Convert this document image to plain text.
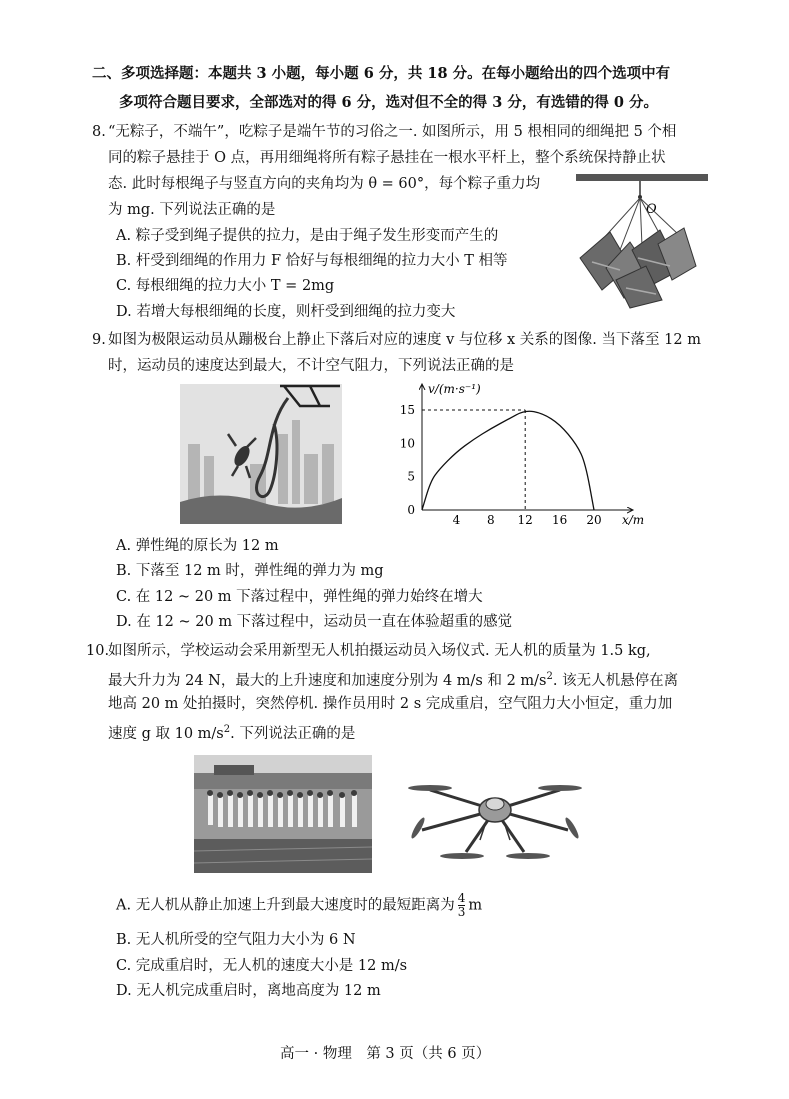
二、多项选择题：本题共 3 小题，每小题 6 分，共 18 分。在每小题给出的四个选项中有
多项符合题目要求，全部选对的得 6 分，选对但不全的得 3 分，有选错的得 0 分。
8. “无粽子，不端午”，吃粽子是端午节的习俗之一. 如图所示，用 5 根相同的细绳把 5 个相
同的粽子悬挂于 O 点，再用细绳将所有粽子悬挂在一根水平杆上，整个系统保持静止状
态. 此时每根绳子与竖直方向的夹角均为 θ = 60°，每个粽子重力均
为 mg. 下列说法正确的是
A. 粽子受到绳子提供的拉力，是由于绳子发生形变而产生的
B. 杆受到细绳的作用力 F 恰好与每根细绳的拉力大小 T 相等
C. 每根细绳的拉力大小 T = 2mg
D. 若增大每根细绳的长度，则杆受到细绳的拉力变大
O
9. 如图为极限运动员从蹦极台上静止下落后对应的速度 v 与位移 x 关系的图像. 当下落至 12 m
时，运动员的速度达到最大，不计空气阻力，下列说法正确的是
v/(m·s⁻¹)
x/m
4 8 12 16 20
0
5
10
15
A. 弹性绳的原长为 12 m
B. 下落至 12 m 时，弹性绳的弹力为 mg
C. 在 12 ~ 20 m 下落过程中，弹性绳的弹力始终在增大
D. 在 12 ~ 20 m 下落过程中，运动员一直在体验超重的感觉
10.
如图所示，学校运动会采用新型无人机拍摄运动员入场仪式. 无人机的质量为 1.5 kg,
最大升力为 24 N，最大的上升速度和加速度分别为 4 m/s 和 2 $m/s^2$. 该无人机悬停在离
地高 20 m 处拍摄时，突然停机. 操作员用时 2 s 完成重启，空气阻力大小恒定，重力加
速度 g 取 10 $m/s^2$. 下列说法正确的是
A. 无人机从静止加速上升到最大速度时的最短距离为 $\frac{4}{3}$ m
B. 无人机所受的空气阻力大小为 6 N
C. 完成重启时，无人机的速度大小是 12 m/s
D. 无人机完成重启时，离地高度为 12 m
高一 · 物理　第 3 页（共 6 页）
